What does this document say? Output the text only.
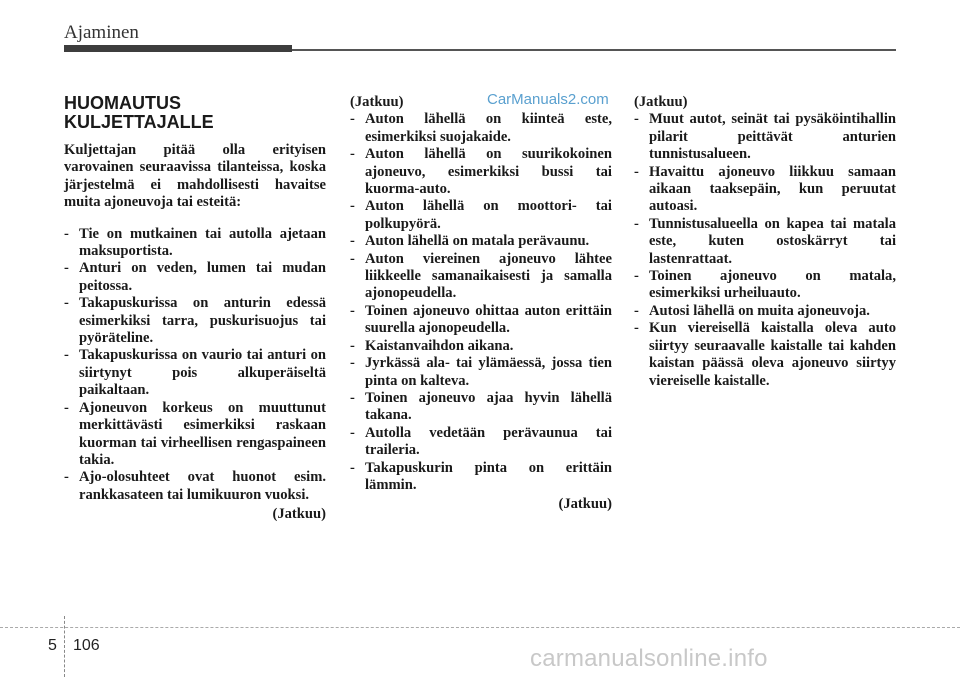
Ajaminen
CarManuals2.com
HUOMAUTUS
KULJETTAJALLE

Kuljettajan pitää olla erityisen varovainen seuraavissa tilanteissa, koska järjestelmä ei mahdollisesti havaitse muita ajoneuvoja tai esteitä:

- Tie on mutkainen tai autolla ajetaan maksuportista.
- Anturi on veden, lumen tai mudan peitossa.
- Takapuskurissa on anturin edessä esimerkiksi tarra, puskurisuojus tai pyöräteline.
- Takapuskurissa on vaurio tai anturi on siirtynyt pois alkuperäiseltä paikaltaan.
- Ajoneuvon korkeus on muuttunut merkittävästi esimerkiksi raskaan kuorman tai virheellisen rengaspaineen takia.
- Ajo-olosuhteet ovat huonot esim. rankkasateen tai lumikuuron vuoksi.
(Jatkuu)

(Jatkuu)

- Auton lähellä on kiinteä este, esimerkiksi suojakaide.
- Auton lähellä on suurikokoinen ajoneuvo, esimerkiksi bussi tai kuorma-auto.
- Auton lähellä on moottori- tai polkupyörä.
- Auton lähellä on matala perävaunu.
- Auton viereinen ajoneuvo lähtee liikkeelle samanaikaisesti ja samalla ajonopeudella.
- Toinen ajoneuvo ohittaa auton erittäin suurella ajonopeudella.
- Kaistanvaihdon aikana.
- Jyrkässä ala- tai ylämäessä, jossa tien pinta on kalteva.
- Toinen ajoneuvo ajaa hyvin lähellä takana.
- Autolla vedetään perävaunua tai traileria.
- Takapuskurin pinta on erittäin lämmin.
(Jatkuu)

(Jatkuu)

- Muut autot, seinät tai pysäköintihallin pilarit peittävät anturien tunnistusalueen.
- Havaittu ajoneuvo liikkuu samaan aikaan taaksepäin, kun peruutat autoasi.
- Tunnistusalueella on kapea tai matala este, kuten ostoskärryt tai lastenrattaat.
- Toinen ajoneuvo on matala, esimerkiksi urheiluauto.
- Autosi lähellä on muita ajoneuvoja.
- Kun viereisellä kaistalla oleva auto siirtyy seuraavalle kaistalle tai kahden kaistan päässä oleva ajoneuvo siirtyy viereiselle kaistalle.
5 106	carmanualsonline.info
